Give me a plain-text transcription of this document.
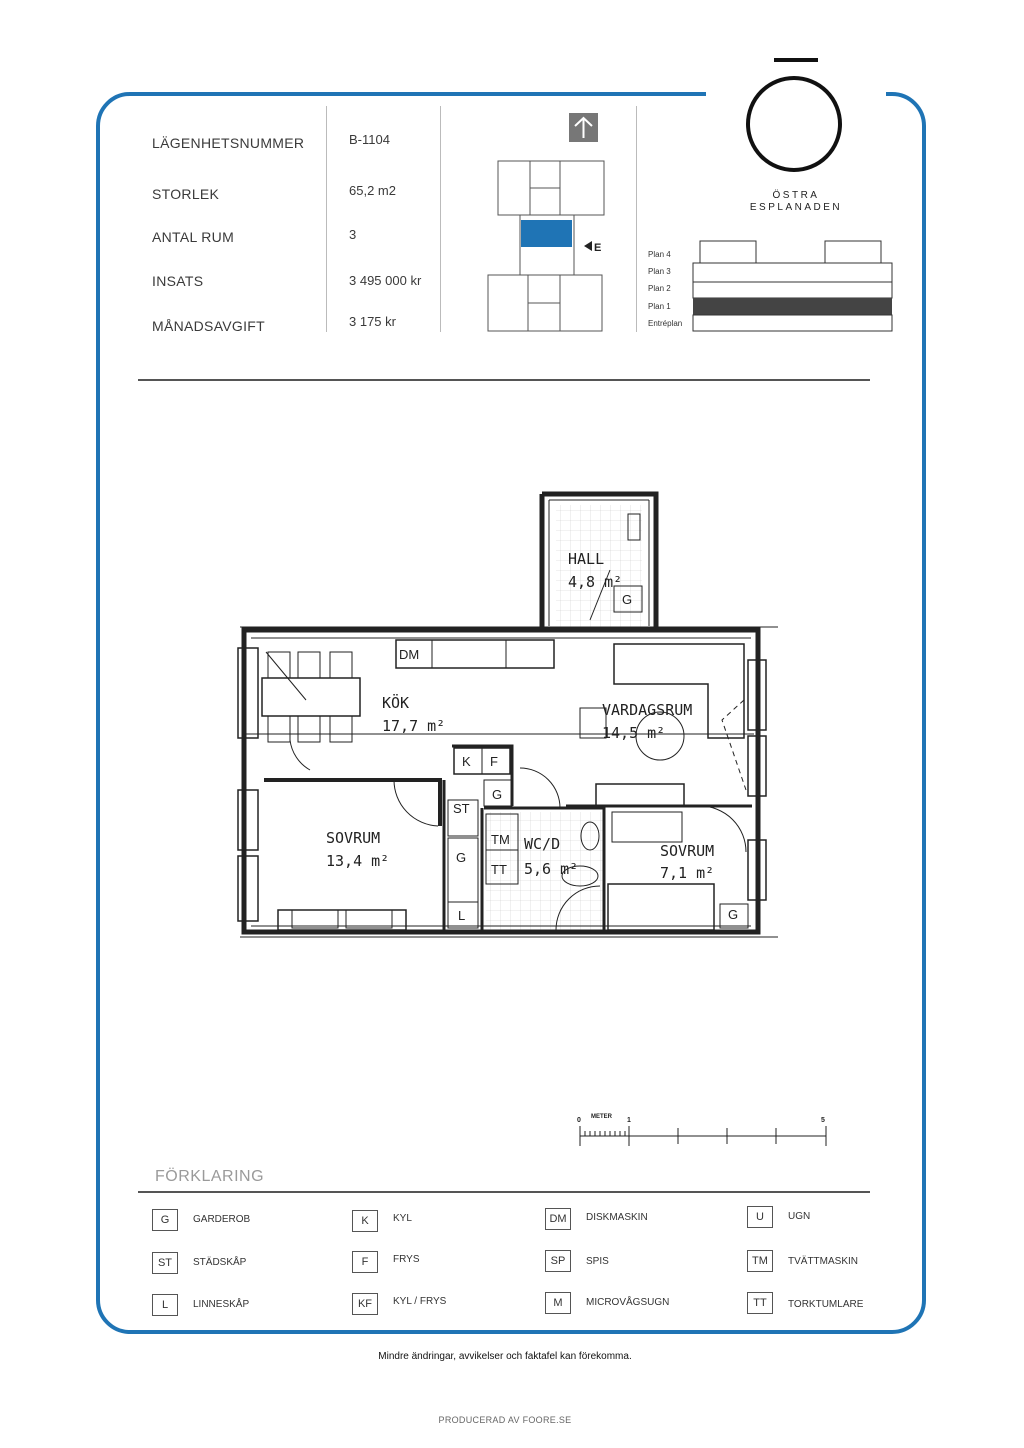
ÖSTRA
ESPLANADEN
LÄGENHETSNUMMER	B-1104
STORLEK	65,2 m2
ANTAL RUM	3
INSATS	3 495 000 kr
MÅNADSAVGIFT	3 175 kr
E
Plan 4
Plan 3
Plan 2
Plan 1
Entréplan
HALL
4,8 m²
KÖK
17,7 m²
VARDAGSRUM
14,5 m²
SOVRUM
13,4 m²
WC/D
5,6 m²
SOVRUM
7,1 m²
DM
K F
G
ST
G
TM
TT
L	G
G
0 METER 1	5
FÖRKLARING
G	GARDEROB
ST	STÄDSKÅP
L	LINNESKÅP
K	KYL
F	FRYS
KF	KYL / FRYS
DM	DISKMASKIN
SP	SPIS
M	MICROVÅGSUGN
U	UGN
TM	TVÄTTMASKIN
TT	TORKTUMLARE
Mindre ändringar, avvikelser och faktafel kan förekomma.
PRODUCERAD AV FOORE.SE
